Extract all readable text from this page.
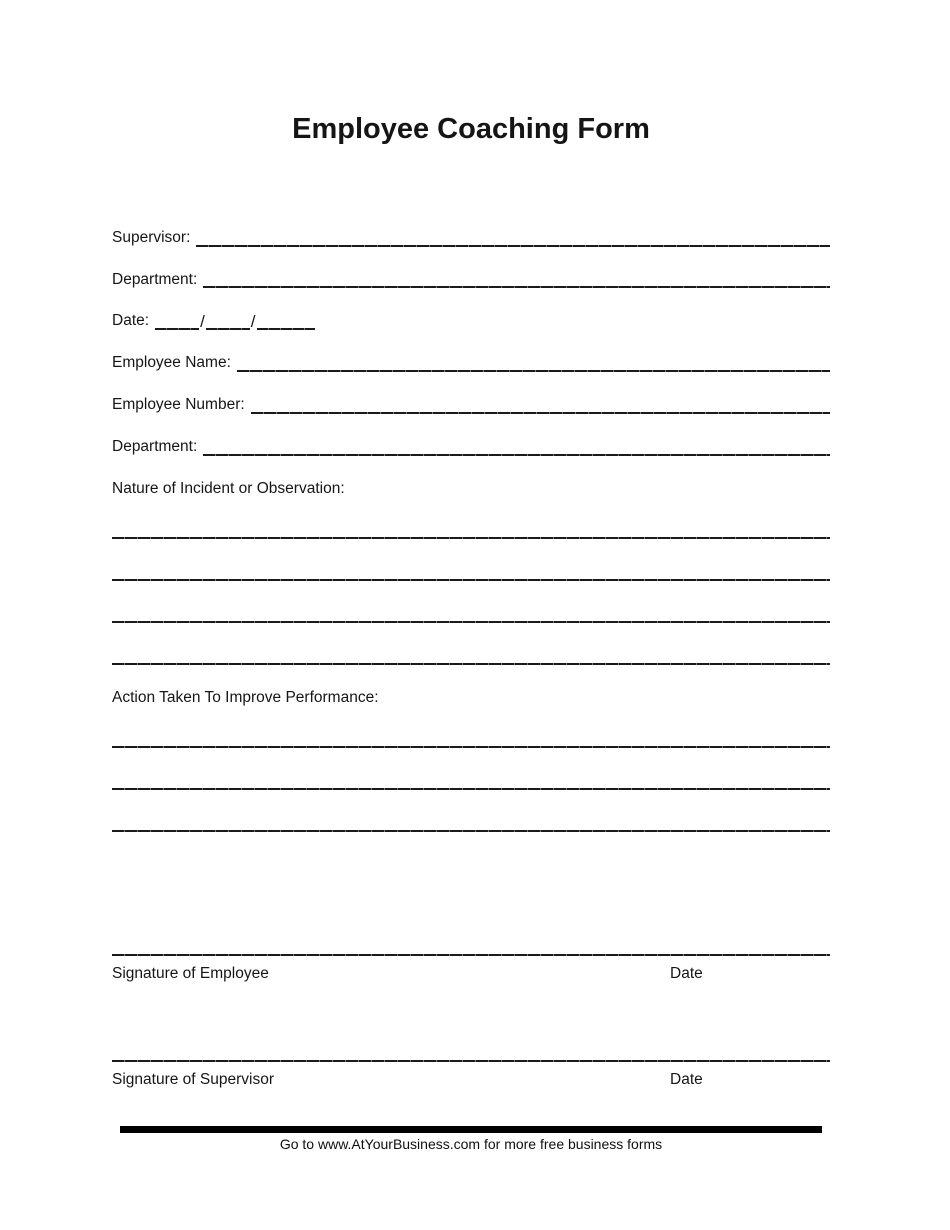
Employee Coaching Form
Supervisor:
Department:
Date:	/	/
Employee Name:
Employee Number:
Department:
Nature of Incident or Observation:
Action Taken To Improve Performance:
Signature of Employee	Date
Signature of Supervisor	Date
Go to www.AtYourBusiness.com for more free business forms
